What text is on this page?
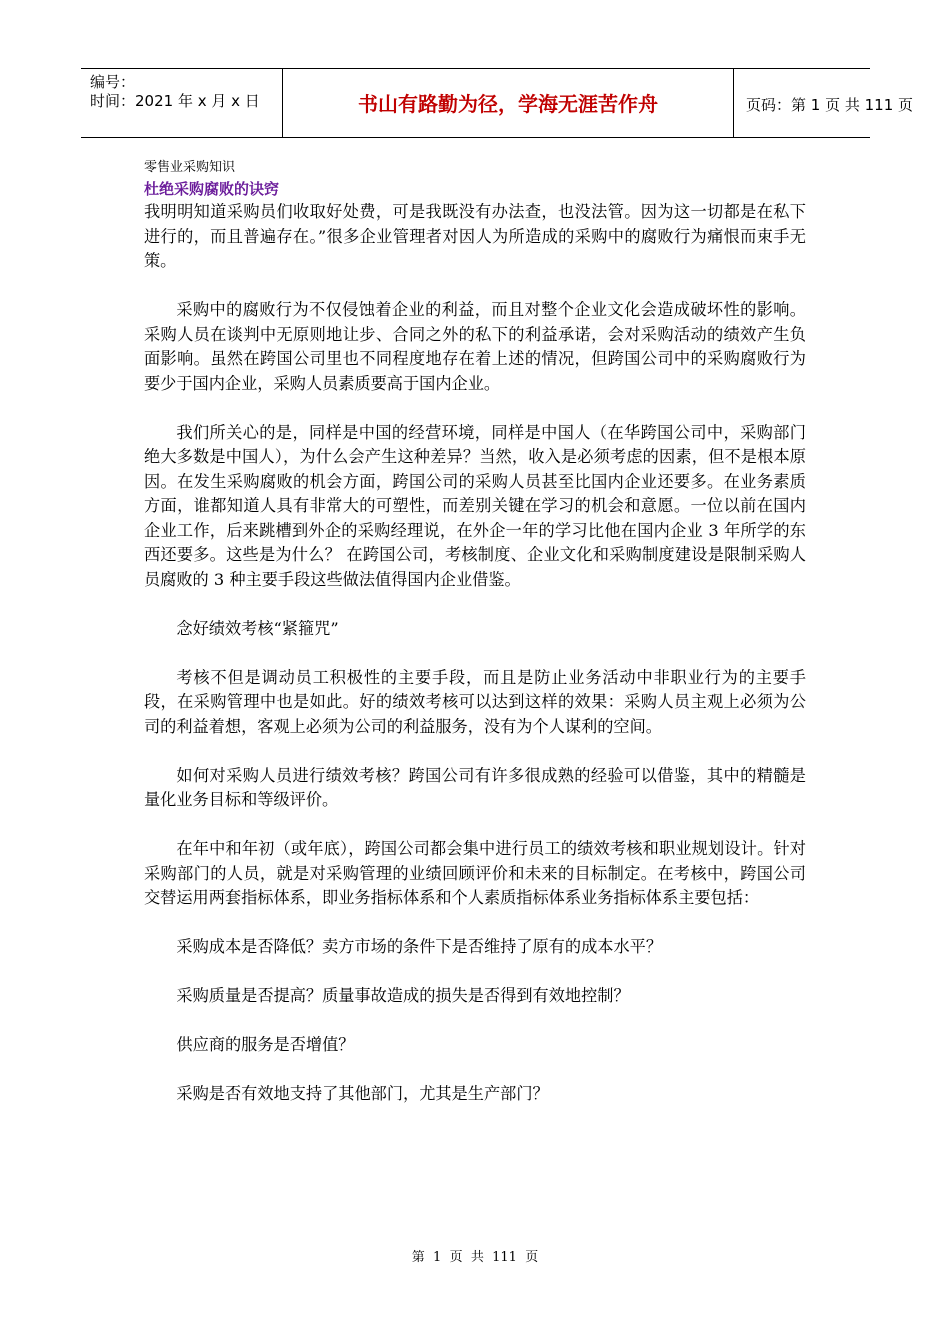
编号：
时间：2021 年 x 月 x 日	书山有路勤为径，学海无涯苦作舟	页码：第 1 页 共 111 页

零售业采购知识

杜绝采购腐败的诀窍

我明明知道采购员们收取好处费，可是我既没有办法查，也没法管。因为这一切都是在私下进行的，而且普遍存在。”很多企业管理者对因人为所造成的采购中的腐败行为痛恨而束手无策。

采购中的腐败行为不仅侵蚀着企业的利益，而且对整个企业文化会造成破坏性的影响。采购人员在谈判中无原则地让步、合同之外的私下的利益承诺，会对采购活动的绩效产生负面影响。虽然在跨国公司里也不同程度地存在着上述的情况，但跨国公司中的采购腐败行为要少于国内企业，采购人员素质要高于国内企业。

我们所关心的是，同样是中国的经营环境，同样是中国人（在华跨国公司中，采购部门绝大多数是中国人），为什么会产生这种差异？当然，收入是必须考虑的因素，但不是根本原因。在发生采购腐败的机会方面，跨国公司的采购人员甚至比国内企业还要多。在业务素质方面，谁都知道人具有非常大的可塑性，而差别关键在学习的机会和意愿。一位以前在国内企业工作，后来跳槽到外企的采购经理说，在外企一年的学习比他在国内企业 3 年所学的东西还要多。这些是为什么？ 在跨国公司，考核制度、企业文化和采购制度建设是限制采购人员腐败的 3 种主要手段这些做法值得国内企业借鉴。

念好绩效考核“紧箍咒”

考核不但是调动员工积极性的主要手段，而且是防止业务活动中非职业行为的主要手段，在采购管理中也是如此。好的绩效考核可以达到这样的效果：采购人员主观上必须为公司的利益着想，客观上必须为公司的利益服务，没有为个人谋利的空间。

如何对采购人员进行绩效考核？跨国公司有许多很成熟的经验可以借鉴，其中的精髓是量化业务目标和等级评价。

在年中和年初（或年底），跨国公司都会集中进行员工的绩效考核和职业规划设计。针对采购部门的人员，就是对采购管理的业绩回顾评价和未来的目标制定。在考核中，跨国公司交替运用两套指标体系，即业务指标体系和个人素质指标体系业务指标体系主要包括：

采购成本是否降低？卖方市场的条件下是否维持了原有的成本水平？

采购质量是否提高？质量事故造成的损失是否得到有效地控制？

供应商的服务是否增值？

采购是否有效地支持了其他部门，尤其是生产部门？

第  1  页  共  111  页
